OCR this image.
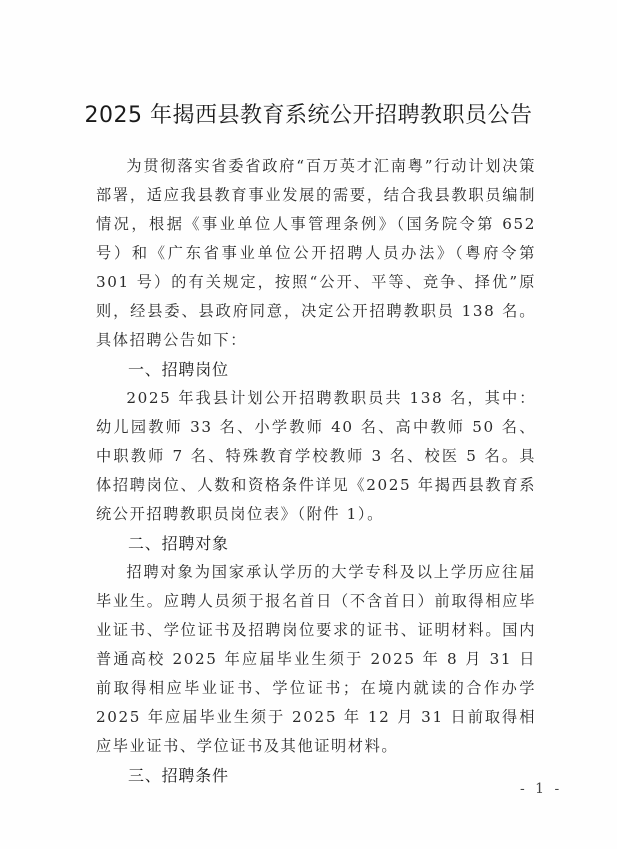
2025 年揭西县教育系统公开招聘教职员公告

为贯彻落实省委省政府“百万英才汇南粤”行动计划决策部署，适应我县教育事业发展的需要，结合我县教职员编制情况，根据《事业单位人事管理条例》（国务院令第 652 号）和《广东省事业单位公开招聘人员办法》（粤府令第 301 号）的有关规定，按照“公开、平等、竞争、择优”原则，经县委、县政府同意，决定公开招聘教职员 138 名。具体招聘公告如下：

一、招聘岗位

2025 年我县计划公开招聘教职员共 138 名，其中：幼儿园教师 33 名、小学教师 40 名、高中教师 50 名、中职教师 7 名、特殊教育学校教师 3 名、校医 5 名。具体招聘岗位、人数和资格条件详见《2025 年揭西县教育系统公开招聘教职员岗位表》（附件 1）。

二、招聘对象

招聘对象为国家承认学历的大学专科及以上学历应往届毕业生。应聘人员须于报名首日（不含首日）前取得相应毕业证书、学位证书及招聘岗位要求的证书、证明材料。国内普通高校 2025 年应届毕业生须于 2025 年 8 月 31 日前取得相应毕业证书、学位证书；在境内就读的合作办学 2025 年应届毕业生须于 2025 年 12 月 31 日前取得相应毕业证书、学位证书及其他证明材料。

三、招聘条件

- 1 -
